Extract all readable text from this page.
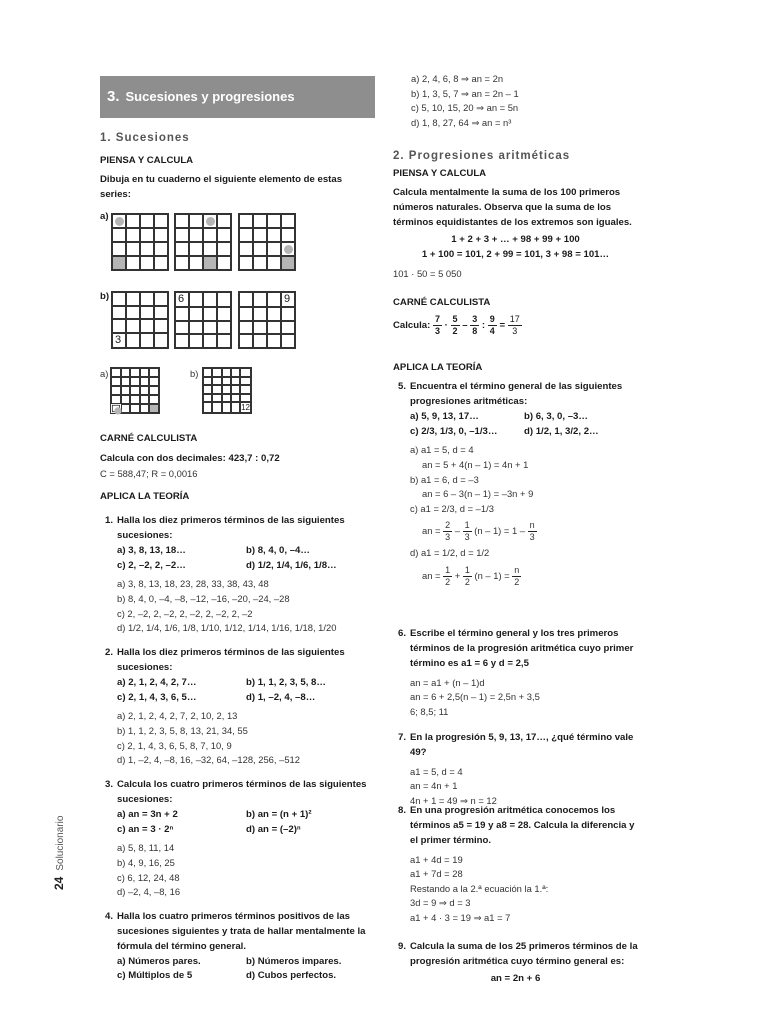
3. Sucesiones y progresiones
24Solucionario
1. Sucesiones
PIENSA Y CALCULA
Dibuja en tu cuaderno el siguiente elemento de estas series:
a)
b)
3
6	9
a)	b)
12
CARNÉ CALCULISTA
Calcula con dos decimales: 423,7 : 0,72
C = 588,47; R = 0,0016
APLICA LA TEORÍA
1. Halla los diez primeros términos de las siguientes sucesiones:
a) 3, 8, 13, 18…	b) 8, 4, 0, –4…
c) 2, –2, 2, –2…	d) 1/2, 1/4, 1/6, 1/8…
a) 3, 8, 13, 18, 23, 28, 33, 38, 43, 48
b) 8, 4, 0, –4, –8, –12, –16, –20, –24, –28
c) 2, –2, 2, –2, 2, –2, 2, –2, 2, –2
d) 1/2, 1/4, 1/6, 1/8, 1/10, 1/12, 1/14, 1/16, 1/18, 1/20
2. Halla los diez primeros términos de las siguientes sucesiones:
a) 2, 1, 2, 4, 2, 7…	b) 1, 1, 2, 3, 5, 8…
c) 2, 1, 4, 3, 6, 5…	d) 1, –2, 4, –8…
a) 2, 1, 2, 4, 2, 7, 2, 10, 2, 13
b) 1, 1, 2, 3, 5, 8, 13, 21, 34, 55
c) 2, 1, 4, 3, 6, 5, 8, 7, 10, 9
d) 1, –2, 4, –8, 16, –32, 64, –128, 256, –512
3. Calcula los cuatro primeros términos de las siguientes sucesiones:
a) an = 3n + 2	b) an = (n + 1)²
c) an = 3 · 2ⁿ	d) an = (–2)ⁿ
a) 5, 8, 11, 14
b) 4, 9, 16, 25
c) 6, 12, 24, 48
d) –2, 4, –8, 16
4. Halla los cuatro primeros términos positivos de las sucesiones siguientes y trata de hallar mentalmente la fórmula del término general.
a) Números pares.	b) Números impares.
c) Múltiplos de 5	d) Cubos perfectos.
a) 2, 4, 6, 8 ⇒ an = 2n
b) 1, 3, 5, 7 ⇒ an = 2n – 1
c) 5, 10, 15, 20 ⇒ an = 5n
d) 1, 8, 27, 64 ⇒ an = n³
2. Progresiones aritméticas
PIENSA Y CALCULA
Calcula mentalmente la suma de los 100 primeros números naturales. Observa que la suma de los términos equidistantes de los extremos son iguales.
1 + 2 + 3 + … + 98 + 99 + 100
1 + 100 = 101, 2 + 99 = 101, 3 + 98 = 101…
101 · 50 = 5 050
CARNÉ CALCULISTA
Calcula: $\frac{7}{3} \cdot \frac{5}{2} - \frac{3}{8}$ : $\frac{9}{4} = \frac{17}{3}$
APLICA LA TEORÍA
5. Encuentra el término general de las siguientes progresiones aritméticas:
a) 5, 9, 13, 17…	b) 6, 3, 0, –3…
c) 2/3, 1/3, 0, –1/3…	d) 1/2, 1, 3/2, 2…
a) a1 = 5, d = 4
an = 5 + 4(n – 1) = 4n + 1
b) a1 = 6, d = –3
an = 6 – 3(n – 1) = –3n + 9
c) a1 = 2/3, d = –1/3
an = $\frac{2}{3} - \frac{1}{3} (n - 1) = 1 - \frac{n}{3}$
d) a1 = 1/2, d = 1/2
an = $\frac{1}{2} + \frac{1}{2} (n - 1) = \frac{n}{2}$
6. Escribe el término general y los tres primeros términos de la progresión aritmética cuyo primer término es a1 = 6 y d = 2,5
an = a1 + (n – 1)d
an = 6 + 2,5(n – 1) = 2,5n + 3,5
6; 8,5; 11
7. En la progresión 5, 9, 13, 17…, ¿qué término vale 49?
a1 = 5, d = 4
an = 4n + 1
4n + 1 = 49 ⇒ n = 12
8. En una progresión aritmética conocemos los términos a5 = 19 y a8 = 28. Calcula la diferencia y el primer término.
a1 + 4d = 19
a1 + 7d = 28
Restando a la 2.ª ecuación la 1.ª:
3d = 9 ⇒ d = 3
a1 + 4 · 3 = 19 ⇒ a1 = 7
9. Calcula la suma de los 25 primeros términos de la progresión aritmética cuyo término general es:
an = 2n + 6
